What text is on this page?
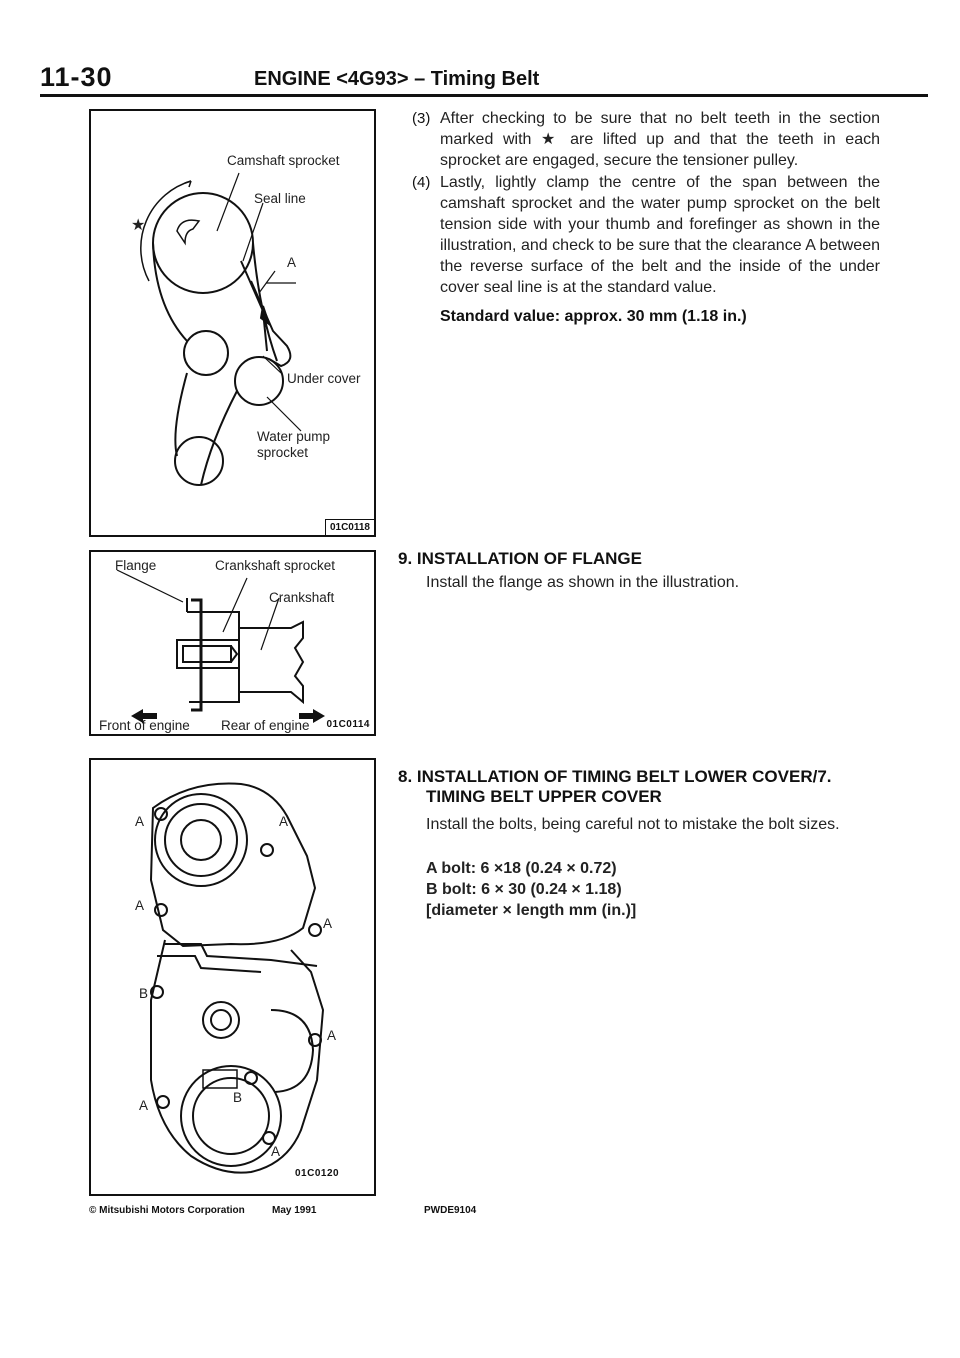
11-30	ENGINE <4G93> – Timing Belt
Camshaft sprocket
Seal line
A
Under cover
Water pump
sprocket
★
01C0118
Flange	Crankshaft sprocket
Crankshaft
Front of engine Rear of engine 01C0114
A	A
A
A
B
A
B
A
A
01C0120
(3) After checking to be sure that no belt teeth in the section marked with ★ are lifted up and that the teeth in each sprocket are engaged, secure the tensioner pulley.
(4) Lastly, lightly clamp the centre of the span between the camshaft sprocket and the water pump sprocket on the belt tension side with your thumb and forefinger as shown in the illustration, and check to be sure that the clearance A between the reverse surface of the belt and the inside of the under cover seal line is at the standard value.
Standard value: approx. 30 mm (1.18 in.)
9. INSTALLATION OF FLANGE
Install the flange as shown in the illustration.
8. INSTALLATION OF TIMING BELT LOWER COVER/7.
TIMING BELT UPPER COVER
Install the bolts, being careful not to mistake the bolt sizes.
A bolt: 6 ×18 (0.24 × 0.72)
B bolt: 6 × 30 (0.24 × 1.18)
[diameter × length mm (in.)]
© Mitsubishi Motors Corporation	May 1991	PWDE9104
